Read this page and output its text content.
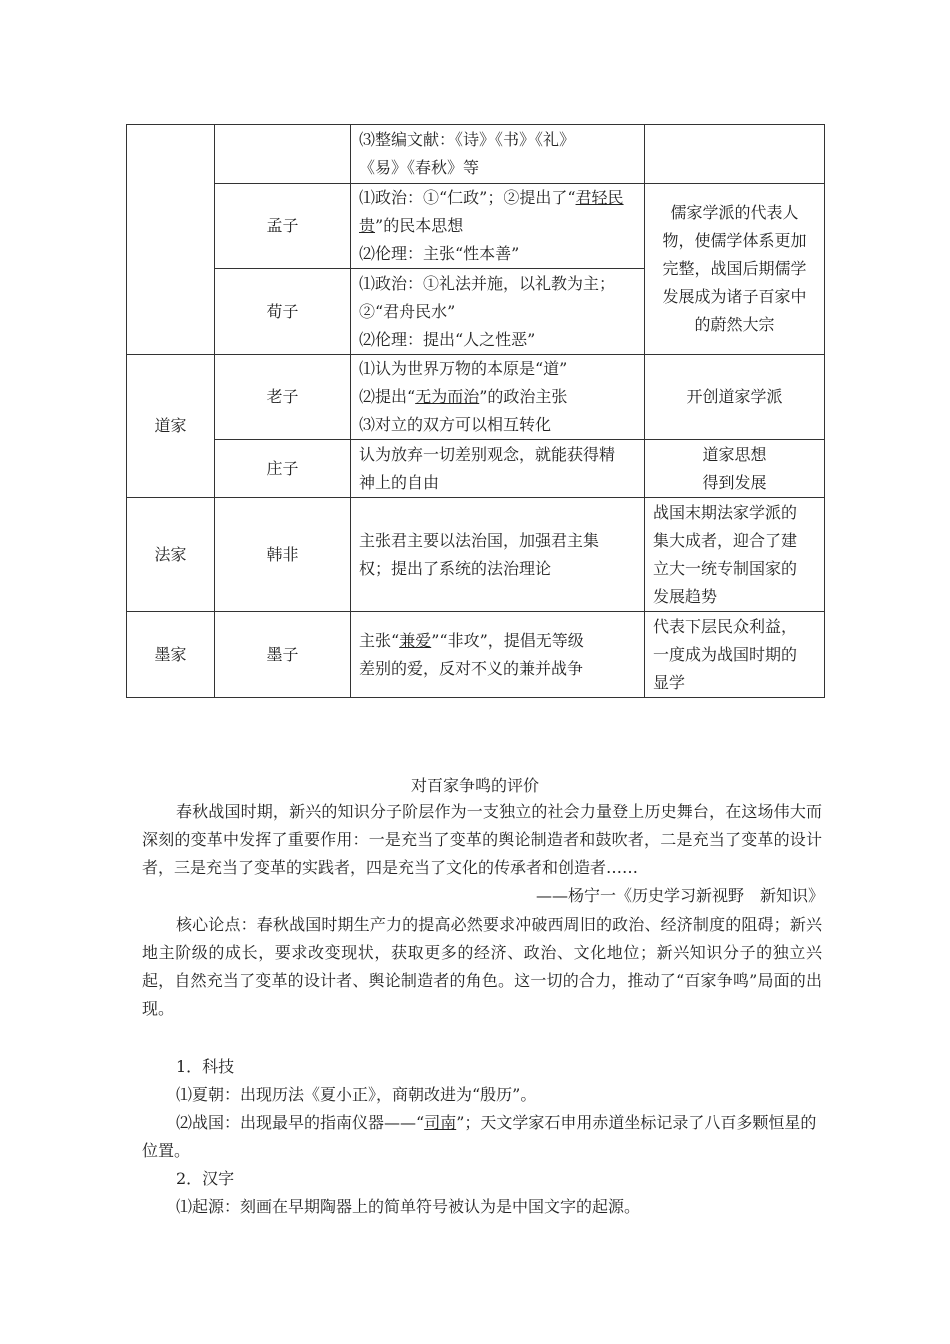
		⑶整编文献：《诗》《书》《礼》
《易》《春秋》等	

	孟子	⑴政治：①“仁政”；②提出了“君轻民贵”的民本思想
⑵伦理：主张“性本善”	儒家学派的代表人
物，使儒学体系更加
完整，战国后期儒学
发展成为诸子百家中
的蔚然大宗

	荀子	⑴政治：①礼法并施，以礼教为主；
②“君舟民水”
⑵伦理：提出“人之性恶”	

道家	老子	⑴认为世界万物的本原是“道”
⑵提出“无为而治”的政治主张
⑶对立的双方可以相互转化	开创道家学派
	庄子	认为放弃一切差别观念，就能获得精
神上的自由	道家思想
得到发展

法家	韩非	主张君主要以法治国，加强君主集
权；提出了系统的法治理论	战国末期法家学派的
集大成者，迎合了建
立大一统专制国家的
发展趋势

墨家	墨子	主张“兼爱”“非攻”，提倡无等级
差别的爱，反对不义的兼并战争	代表下层民众利益，
一度成为战国时期的
显学
对百家争鸣的评价
春秋战国时期，新兴的知识分子阶层作为一支独立的社会力量登上历史舞台，在这场伟大而深刻的变革中发挥了重要作用：一是充当了变革的舆论制造者和鼓吹者，二是充当了变革的设计者，三是充当了变革的实践者，四是充当了文化的传承者和创造者……
——杨宁一《历史学习新视野　新知识》
核心论点：春秋战国时期生产力的提高必然要求冲破西周旧的政治、经济制度的阻碍；新兴地主阶级的成长，要求改变现状，获取更多的经济、政治、文化地位；新兴知识分子的独立兴起，自然充当了变革的设计者、舆论制造者的角色。这一切的合力，推动了“百家争鸣”局面的出现。

1．科技

⑴夏朝：出现历法《夏小正》，商朝改进为“殷历”。

⑵战国：出现最早的指南仪器——“司南”；天文学家石申用赤道坐标记录了八百多颗恒星的位置。

2．汉字

⑴起源：刻画在早期陶器上的简单符号被认为是中国文字的起源。
